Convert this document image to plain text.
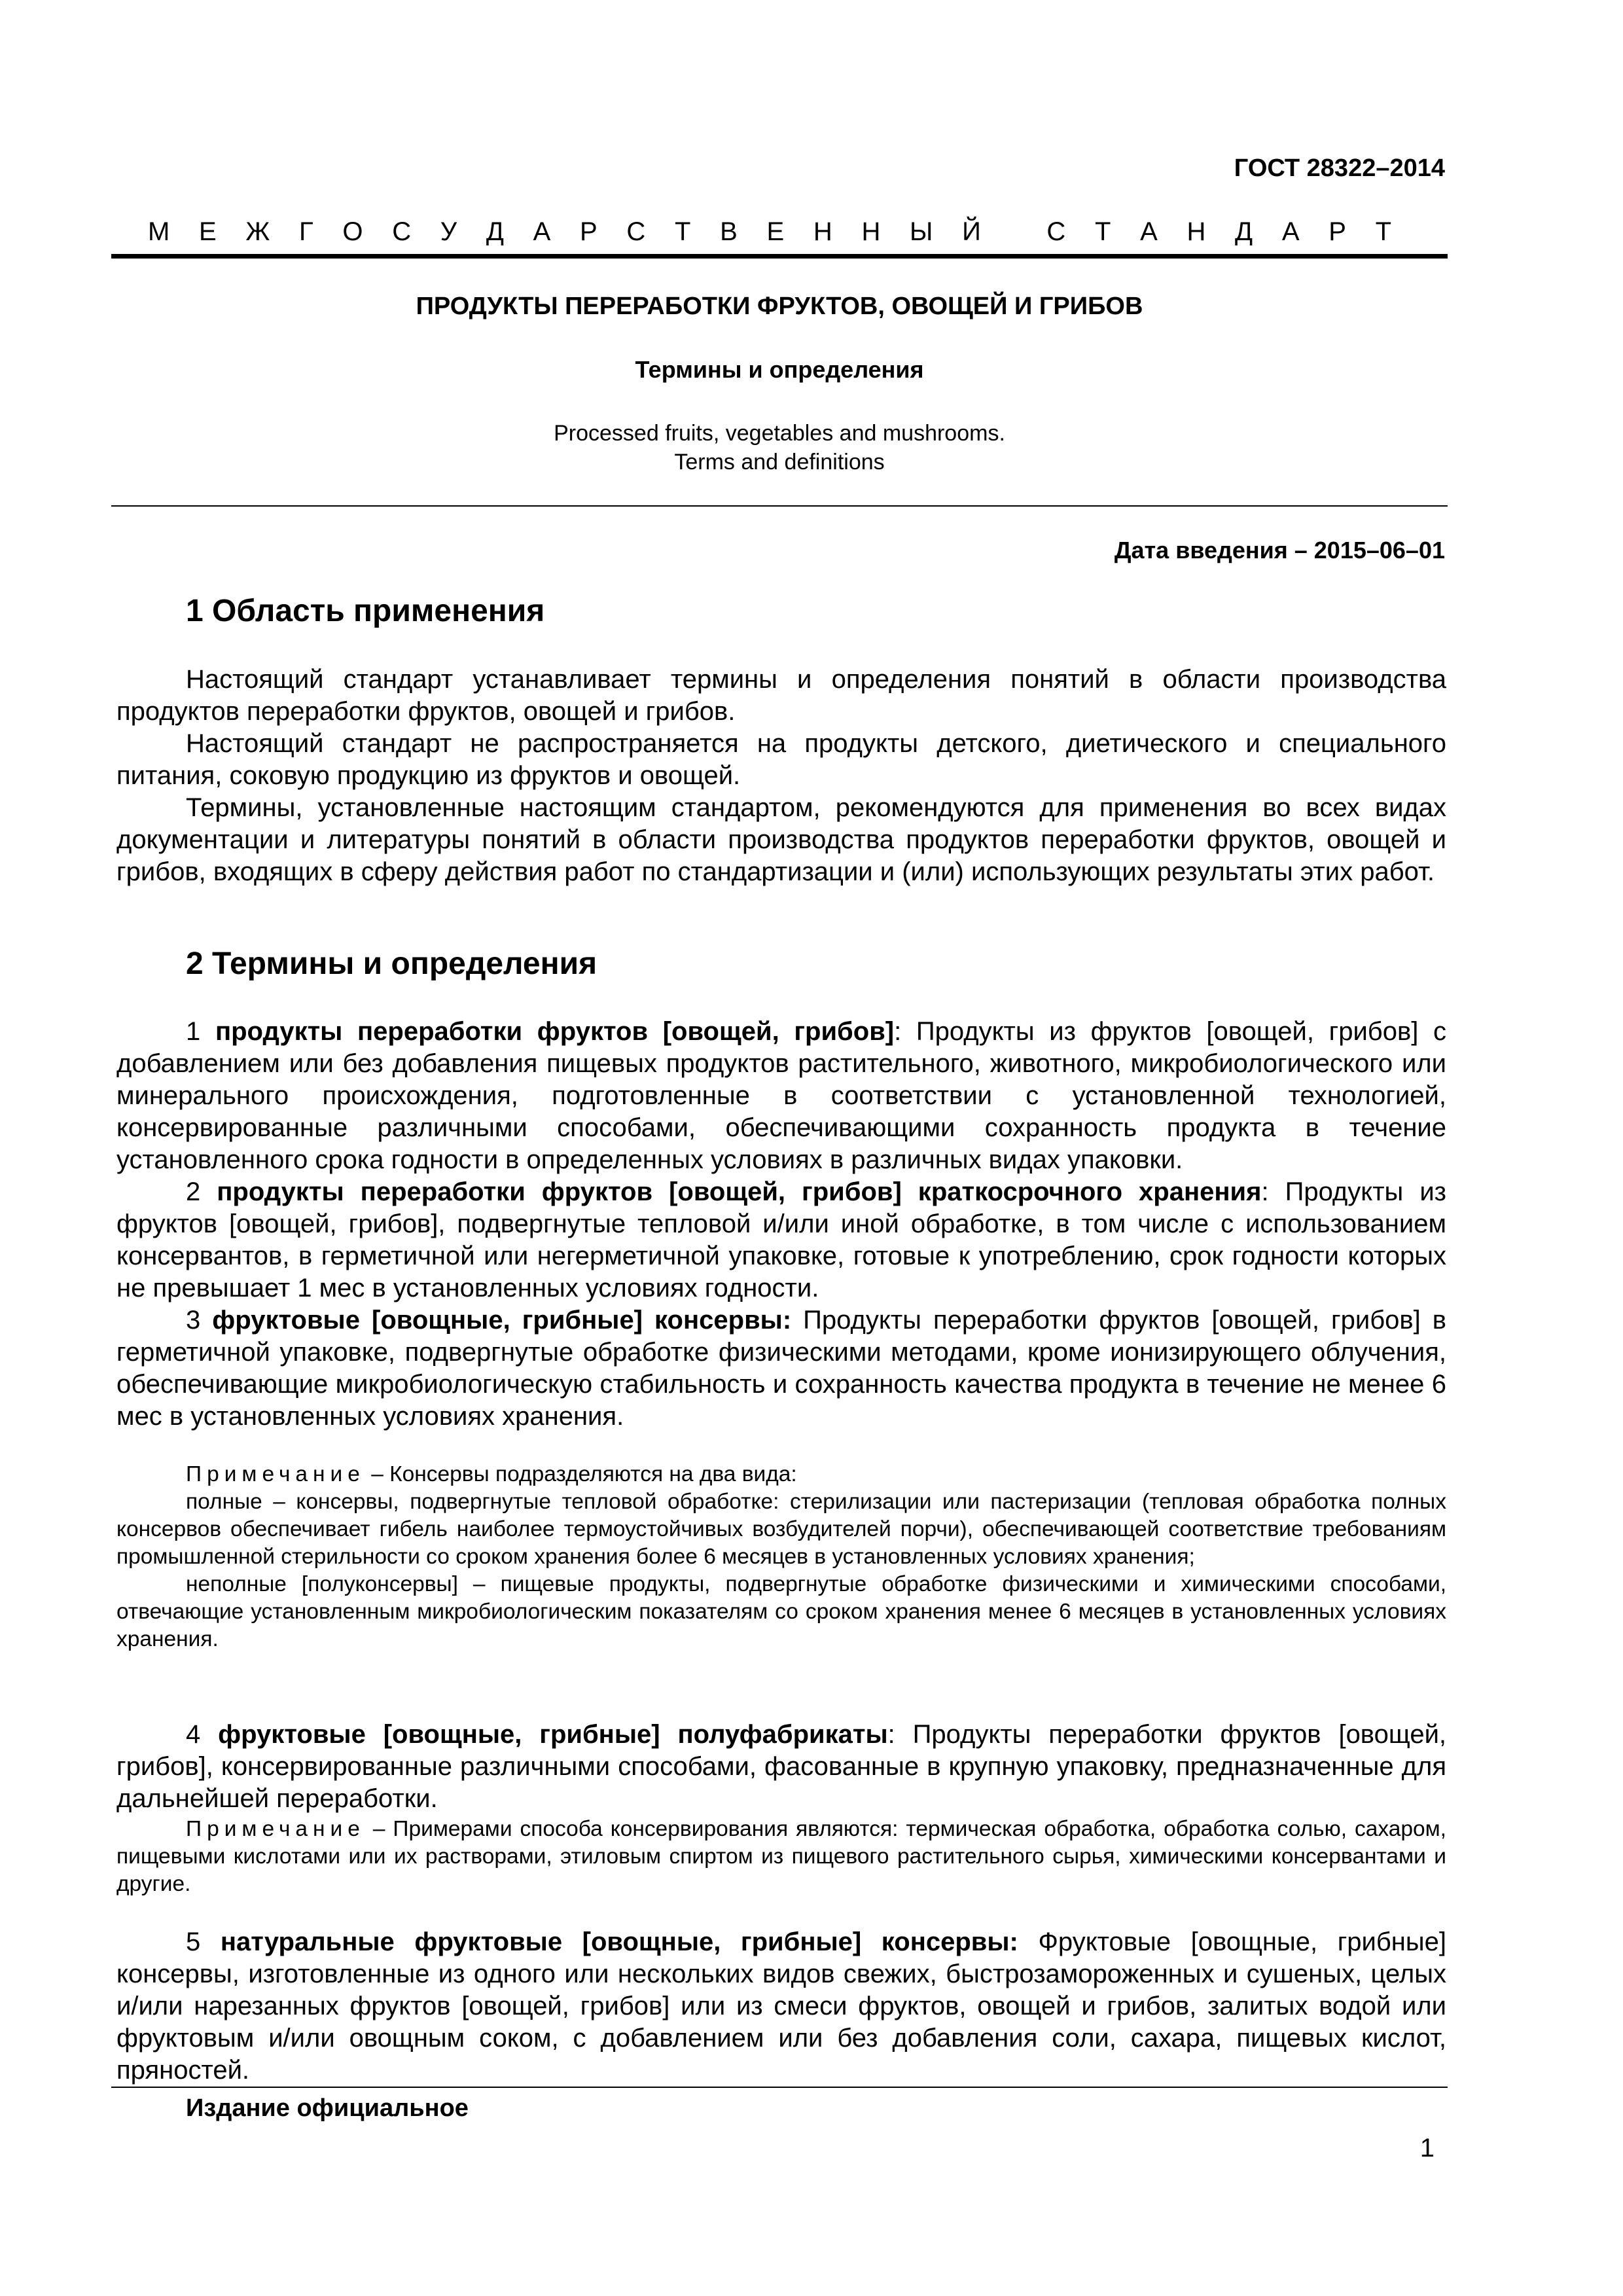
ГОСТ 28322–2014
М Е Ж Г О С У Д А Р С Т В Е Н Н Ы Й
	С Т А Н Д А Р Т
ПРОДУКТЫ ПЕРЕРАБОТКИ ФРУКТОВ, ОВОЩЕЙ И ГРИБОВ
Термины и определения
Processed fruits, vegetables and mushrooms.
Terms and definitions
Дата введения – 2015–06–01
1 Область применения

Настоящий стандарт устанавливает термины и определения понятий в области производства продуктов переработки фруктов, овощей и грибов.

Настоящий стандарт не распространяется на продукты детского, диетического и специального питания, соковую продукцию из фруктов и овощей.

Термины, установленные настоящим стандартом, рекомендуются для применения во всех видах документации и литературы понятий в области производства продуктов переработки фруктов, овощей и грибов, входящих в сферу действия работ по стандартизации и (или) использующих результаты этих работ.

2 Термины и определения

1 продукты переработки фруктов [овощей, грибов]: Продукты из фруктов [овощей, грибов] с добавлением или без добавления пищевых продуктов растительного, животного, микробиологического или минерального происхождения, подготовленные в соответствии с установленной технологией, консервированные различными способами, обеспечивающими сохранность продукта в течение установленного срока годности в определенных условиях в различных видах упаковки.

2 продукты переработки фруктов [овощей, грибов] краткосрочного хранения: Продукты из фруктов [овощей, грибов], подвергнутые тепловой и/или иной обработке, в том числе с использованием консервантов, в герметичной или негерметичной упаковке, готовые к употреблению, срок годности которых не превышает 1 мес в установленных условиях годности.

3 фруктовые [овощные, грибные] консервы: Продукты переработки фруктов [овощей, грибов] в герметичной упаковке, подвергнутые обработке физическими методами, кроме ионизирующего облучения, обеспечивающие микробиологическую стабильность и сохранность качества продукта в течение не менее 6 мес в установленных условиях хранения.

Примечание – Консервы подразделяются на два вида:

полные – консервы, подвергнутые тепловой обработке: стерилизации или пастеризации (тепловая обработка полных консервов обеспечивает гибель наиболее термоустойчивых возбудителей порчи), обеспечивающей соответствие требованиям промышленной стерильности со сроком хранения более 6 месяцев в установленных условиях хранения;

неполные [полуконсервы] – пищевые продукты, подвергнутые обработке физическими и химическими способами, отвечающие установленным микробиологическим показателям со сроком хранения менее 6 месяцев в установленных условиях хранения.

4 фруктовые [овощные, грибные] полуфабрикаты: Продукты переработки фруктов [овощей, грибов], консервированные различными способами, фасованные в крупную упаковку, предназначенные для дальнейшей переработки.

Примечание – Примерами способа консервирования являются: термическая обработка, обработка солью, сахаром, пищевыми кислотами или их растворами, этиловым спиртом из пищевого растительного сырья, химическими консервантами и другие.

5 натуральные фруктовые [овощные, грибные] консервы: Фруктовые [овощные, грибные] консервы, изготовленные из одного или нескольких видов свежих, быстрозамороженных и сушеных, целых и/или нарезанных фруктов [овощей, грибов] или из смеси фруктов, овощей и грибов, залитых водой или фруктовым и/или овощным соком, с добавлением или без добавления соли, сахара, пищевых кислот, пряностей.

Издание официальное
1
